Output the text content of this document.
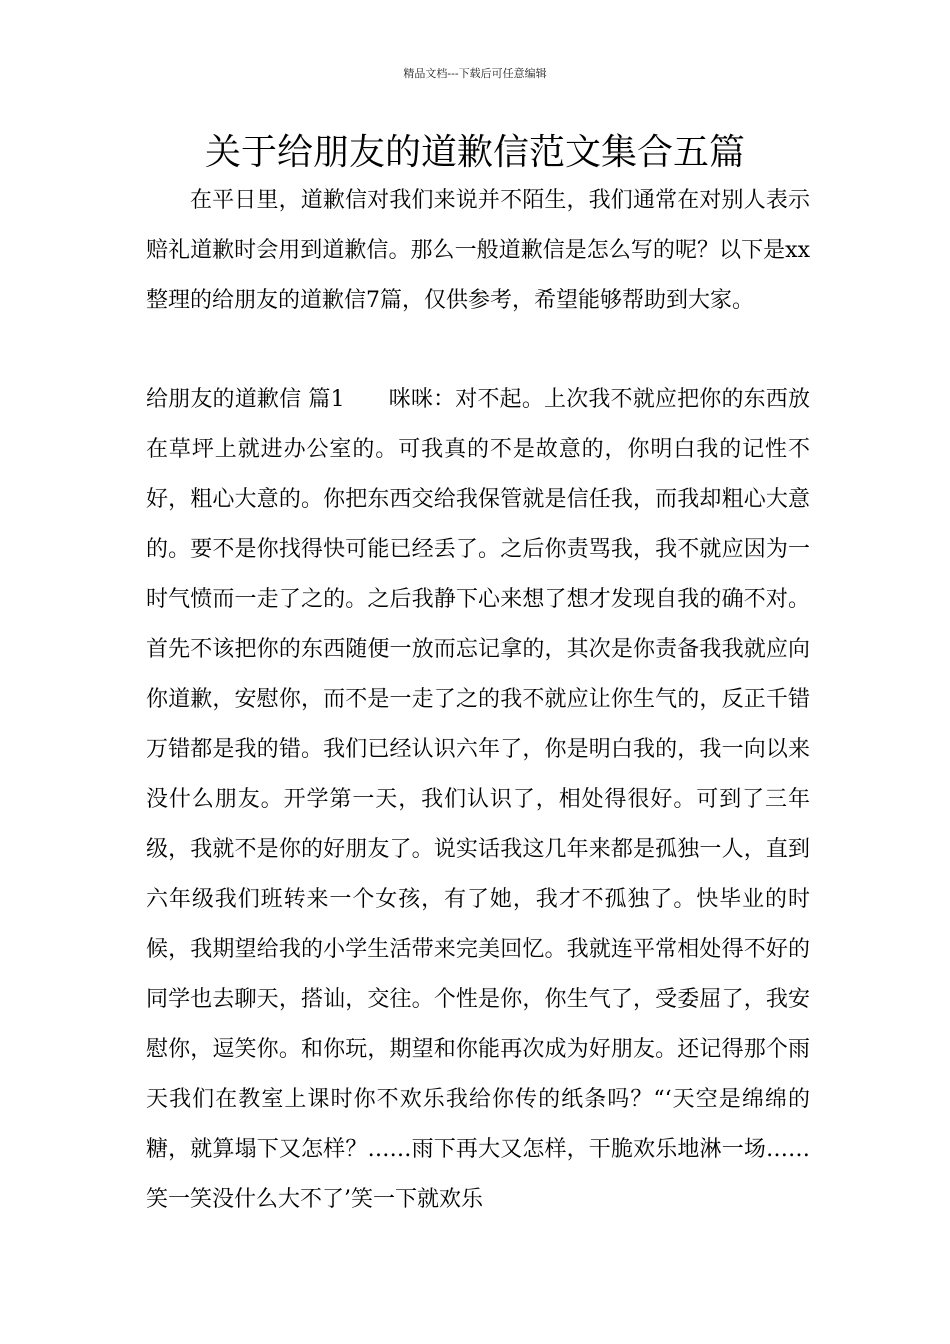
精品文档---下载后可任意编辑
关于给朋友的道歉信范文集合五篇

在平日里，道歉信对我们来说并不陌生，我们通常在对别人表示赔礼道歉时会用到道歉信。那么一般道歉信是怎么写的呢？以下是xx整理的给朋友的道歉信7篇，仅供参考，希望能够帮助到大家。

给朋友的道歉信 篇1 咪咪：对不起。上次我不就应把你的东西放在草坪上就进办公室的。可我真的不是故意的，你明白我的记性不好，粗心大意的。你把东西交给我保管就是信任我，而我却粗心大意的。要不是你找得快可能已经丢了。之后你责骂我，我不就应因为一时气愤而一走了之的。之后我静下心来想了想才发现自我的确不对。首先不该把你的东西随便一放而忘记拿的，其次是你责备我我就应向你道歉，安慰你，而不是一走了之的我不就应让你生气的，反正千错万错都是我的错。我们已经认识六年了，你是明白我的，我一向以来没什么朋友。开学第一天，我们认识了，相处得很好。可到了三年级，我就不是你的好朋友了。说实话我这几年来都是孤独一人，直到六年级我们班转来一个女孩，有了她，我才不孤独了。快毕业的时候，我期望给我的小学生活带来完美回忆。我就连平常相处得不好的同学也去聊天，搭讪，交往。个性是你，你生气了，受委屈了，我安慰你，逗笑你。和你玩，期望和你能再次成为好朋友。还记得那个雨天我们在教室上课时你不欢乐我给你传的纸条吗？“‘天空是绵绵的糖，就算塌下又怎样？……雨下再大又怎样，干脆欢乐地淋一场……笑一笑没什么大不了’笑一下就欢乐
